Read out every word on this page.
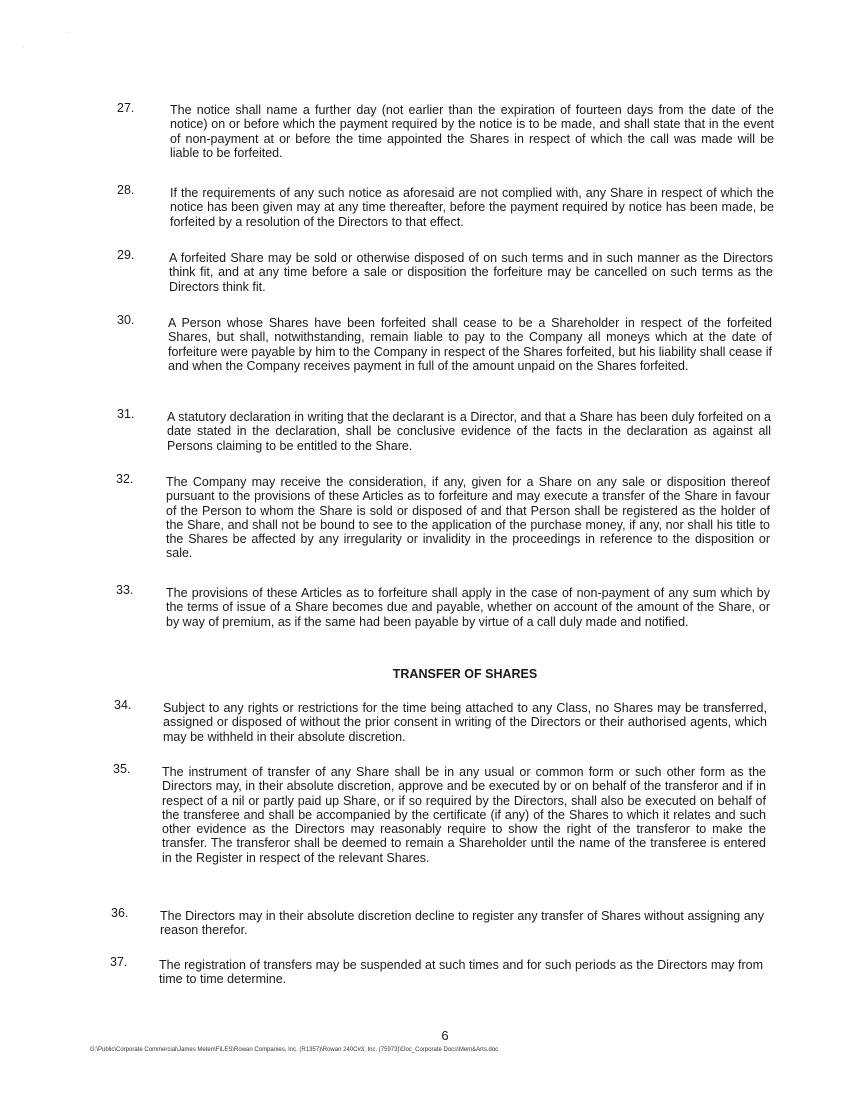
·
·
27.	The notice shall name a further day (not earlier than the expiration of fourteen days from the date of the notice) on or before which the payment required by the notice is to be made, and shall state that in the event of non-payment at or before the time appointed the Shares in respect of which the call was made will be liable to be forfeited.
28.	If the requirements of any such notice as aforesaid are not complied with, any Share in respect of which the notice has been given may at any time thereafter, before the payment required by notice has been made, be forfeited by a resolution of the Directors to that effect.
29.	A forfeited Share may be sold or otherwise disposed of on such terms and in such manner as the Directors think fit, and at any time before a sale or disposition the forfeiture may be cancelled on such terms as the Directors think fit.
30.	A Person whose Shares have been forfeited shall cease to be a Shareholder in respect of the forfeited Shares, but shall, notwithstanding, remain liable to pay to the Company all moneys which at the date of forfeiture were payable by him to the Company in respect of the Shares forfeited, but his liability shall cease if and when the Company receives payment in full of the amount unpaid on the Shares forfeited.
31.	A statutory declaration in writing that the declarant is a Director, and that a Share has been duly forfeited on a date stated in the declaration, shall be conclusive evidence of the facts in the declaration as against all Persons claiming to be entitled to the Share.
32.	The Company may receive the consideration, if any, given for a Share on any sale or disposition thereof pursuant to the provisions of these Articles as to forfeiture and may execute a transfer of the Share in favour of the Person to whom the Share is sold or disposed of and that Person shall be registered as the holder of the Share, and shall not be bound to see to the application of the purchase money, if any, nor shall his title to the Shares be affected by any irregularity or invalidity in the proceedings in reference to the disposition or sale.
33.	The provisions of these Articles as to forfeiture shall apply in the case of non-payment of any sum which by the terms of issue of a Share becomes due and payable, whether on account of the amount of the Share, or by way of premium, as if the same had been payable by virtue of a call duly made and notified.
TRANSFER OF SHARES
34.	Subject to any rights or restrictions for the time being attached to any Class, no Shares may be transferred, assigned or disposed of without the prior consent in writing of the Directors or their authorised agents, which may be withheld in their absolute discretion.
35.	The instrument of transfer of any Share shall be in any usual or common form or such other form as the Directors may, in their absolute discretion, approve and be executed by or on behalf of the transferor and if in respect of a nil or partly paid up Share, or if so required by the Directors, shall also be executed on behalf of the transferee and shall be accompanied by the certificate (if any) of the Shares to which it relates and such other evidence as the Directors may reasonably require to show the right of the transferor to make the transfer. The transferor shall be deemed to remain a Shareholder until the name of the transferee is entered in the Register in respect of the relevant Shares.
36.	The Directors may in their absolute discretion decline to register any transfer of Shares without assigning any reason therefor.
37.	The registration of transfers may be suspended at such times and for such periods as the Directors may from time to time determine.
6
G:\Public\Corporate Commercial\James Meten\FILES\Rowan Companies, Inc. (R1357)\Rowan 240C#3, Inc. (75973)\Doc_Corporate Docs\Mem&Arts.doc
